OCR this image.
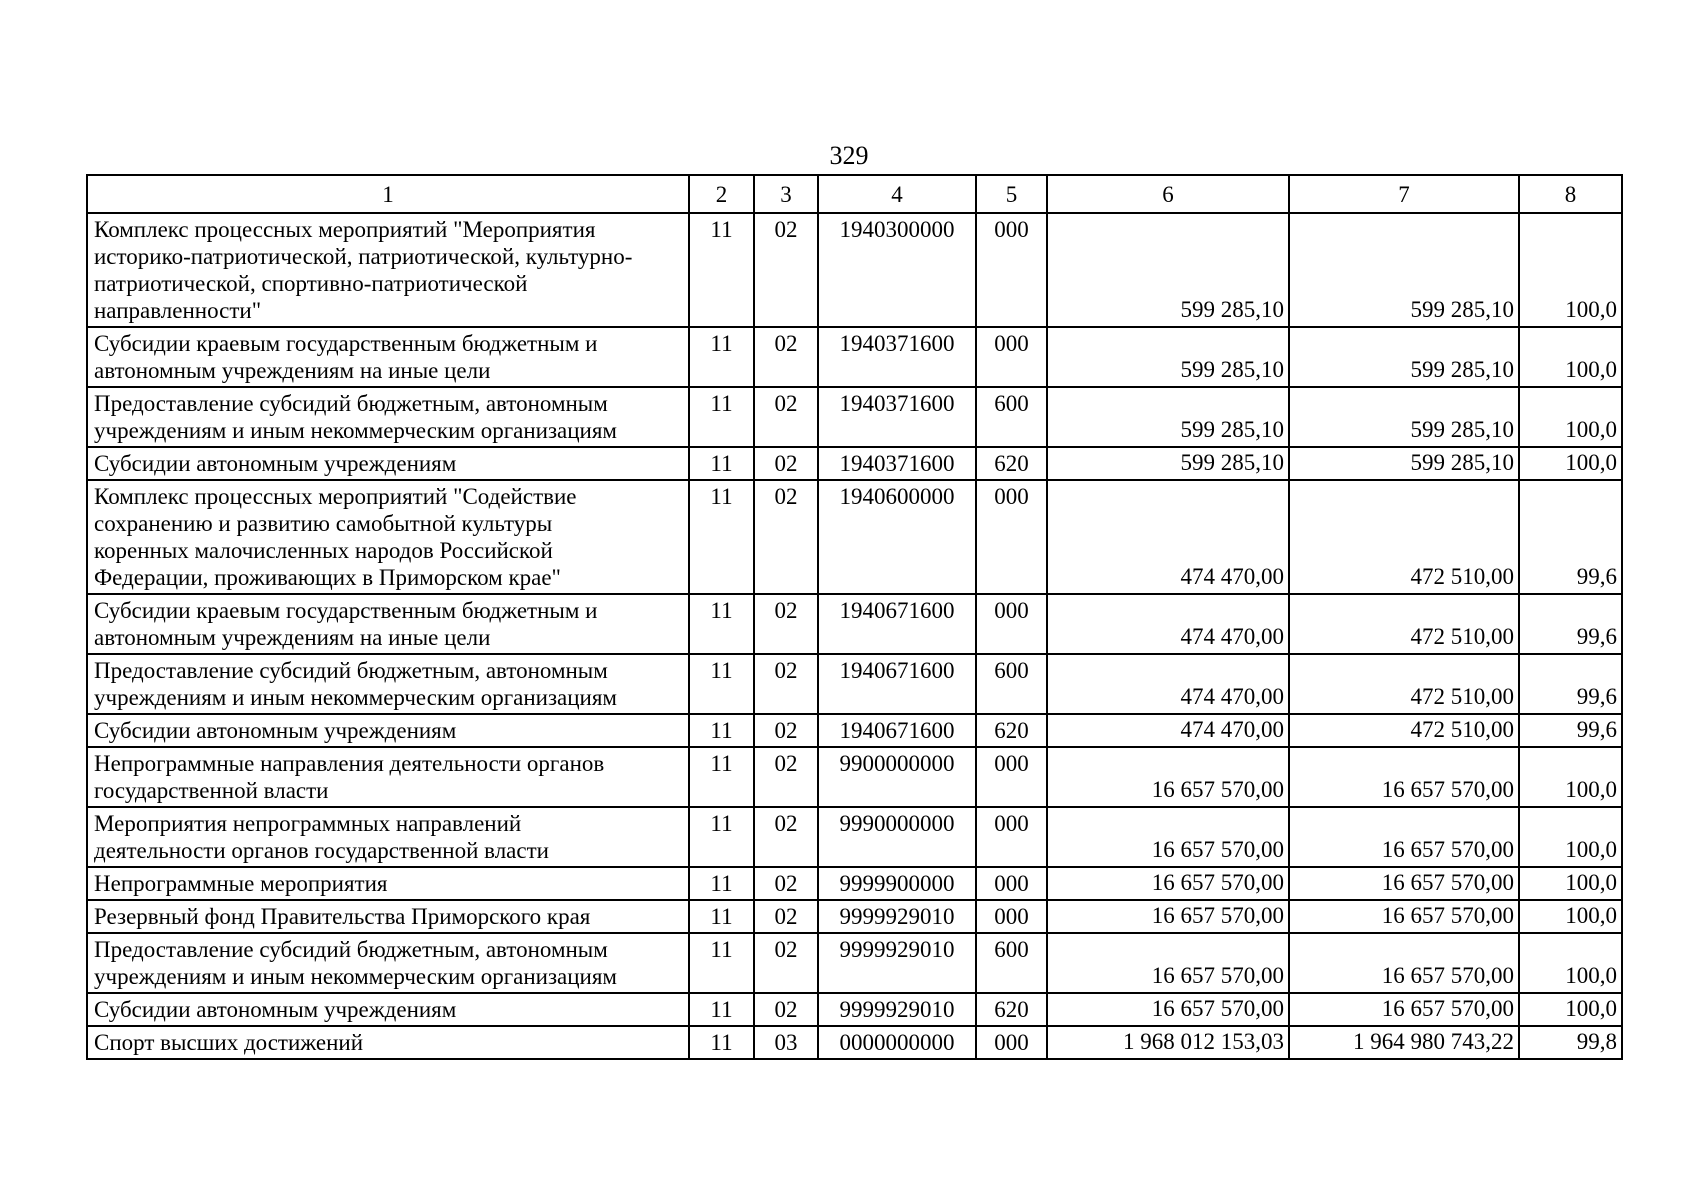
329
1	2	3	4	5	6	7	8

Комплекс процессных мероприятий "Мероприятия
историко-патриотической, патриотической, культурно-
патриотической, спортивно-патриотической
направленности"	11	02	1940300000	000	599 285,10	599 285,10	100,0

Субсидии краевым государственным бюджетным и
автономным учреждениям на иные цели	11	02	1940371600	000	599 285,10	599 285,10	100,0

Предоставление субсидий бюджетным, автономным
учреждениям и иным некоммерческим организациям	11	02	1940371600	600	599 285,10	599 285,10	100,0

Субсидии автономным учреждениям	11	02	1940371600	620	599 285,10	599 285,10	100,0

Комплекс процессных мероприятий "Содействие
сохранению и развитию самобытной культуры
коренных малочисленных народов Российской
Федерации, проживающих в Приморском крае"	11	02	1940600000	000	474 470,00	472 510,00	99,6

Субсидии краевым государственным бюджетным и
автономным учреждениям на иные цели	11	02	1940671600	000	474 470,00	472 510,00	99,6

Предоставление субсидий бюджетным, автономным
учреждениям и иным некоммерческим организациям	11	02	1940671600	600	474 470,00	472 510,00	99,6

Субсидии автономным учреждениям	11	02	1940671600	620	474 470,00	472 510,00	99,6

Непрограммные направления деятельности органов
государственной власти	11	02	9900000000	000	16 657 570,00	16 657 570,00	100,0

Мероприятия непрограммных направлений
деятельности органов государственной власти	11	02	9990000000	000	16 657 570,00	16 657 570,00	100,0

Непрограммные мероприятия	11	02	9999900000	000	16 657 570,00	16 657 570,00	100,0

Резервный фонд Правительства Приморского края	11	02	9999929010	000	16 657 570,00	16 657 570,00	100,0

Предоставление субсидий бюджетным, автономным
учреждениям и иным некоммерческим организациям	11	02	9999929010	600	16 657 570,00	16 657 570,00	100,0

Субсидии автономным учреждениям	11	02	9999929010	620	16 657 570,00	16 657 570,00	100,0

Спорт высших достижений	11	03	0000000000	000	1 968 012 153,03	1 964 980 743,22	99,8
